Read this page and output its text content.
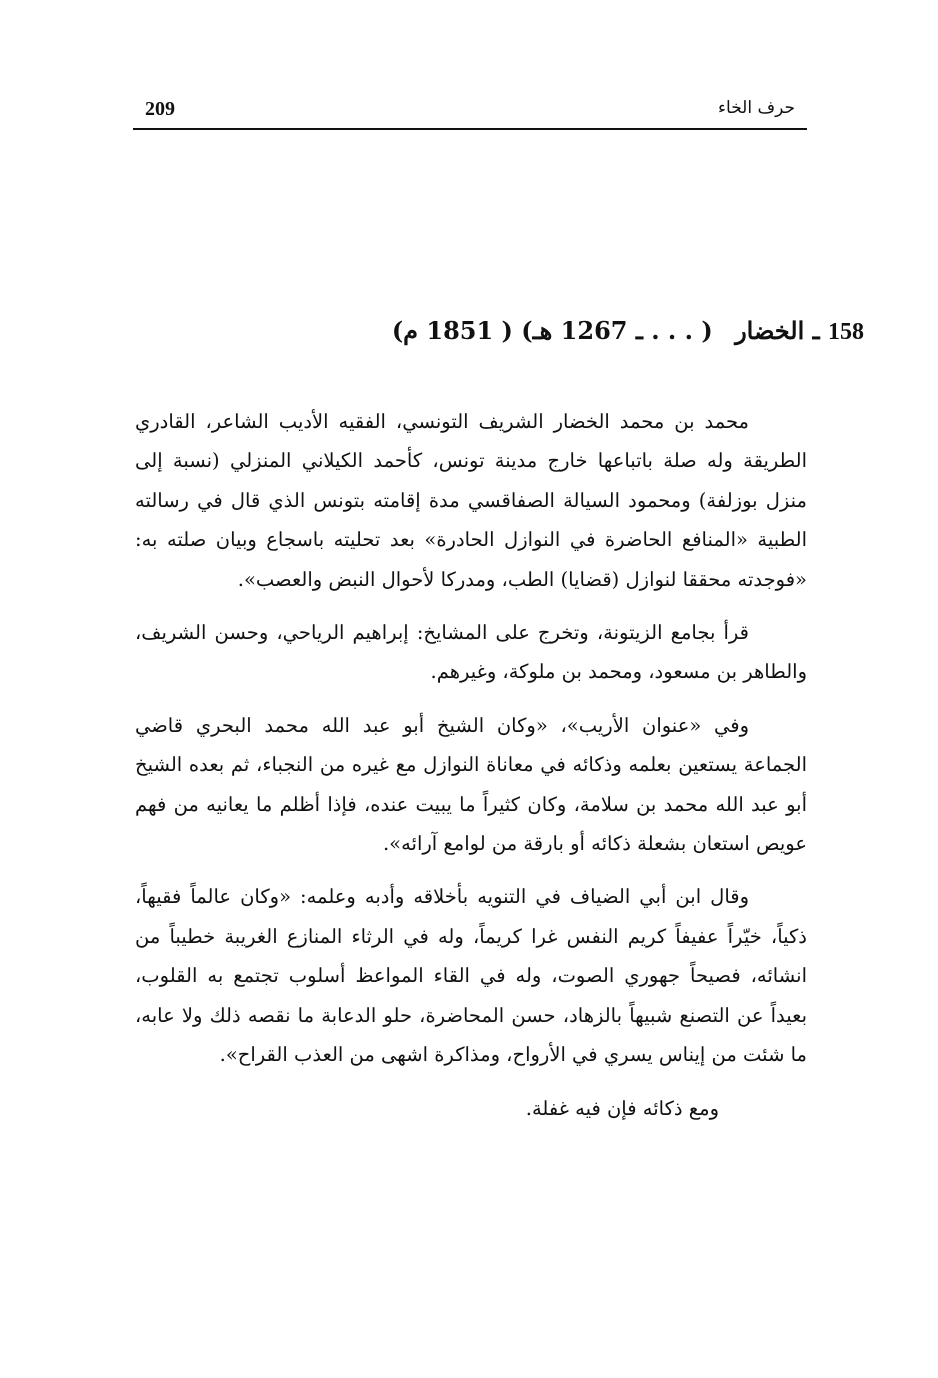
209	حرف الخاء
158 ـ الخضار ( . . . ـ 1267 هـ) ( 1851 م)

محمد بن محمد الخضار الشريف التونسي، الفقيه الأديب الشاعر، القادري الطريقة وله صلة باتباعها خارج مدينة تونس، كأحمد الكيلاني المنزلي (نسبة إلى منزل بوزلفة) ومحمود السيالة الصفاقسي مدة إقامته بتونس الذي قال في رسالته الطبية «المنافع الحاضرة في النوازل الحادرة» بعد تحليته باسجاع وبيان صلته به: «فوجدته محققا لنوازل (قضايا) الطب، ومدركا لأحوال النبض والعصب».

قرأ بجامع الزيتونة، وتخرج على المشايخ: إبراهيم الرياحي، وحسن الشريف، والطاهر بن مسعود، ومحمد بن ملوكة، وغيرهم.

وفي «عنوان الأريب»، «وكان الشيخ أبو عبد الله محمد البحري قاضي الجماعة يستعين بعلمه وذكائه في معاناة النوازل مع غيره من النجباء، ثم بعده الشيخ أبو عبد الله محمد بن سلامة، وكان كثيراً ما يبيت عنده، فإذا أظلم ما يعانيه من فهم عويص استعان بشعلة ذكائه أو بارقة من لوامع آرائه».

وقال ابن أبي الضياف في التنويه بأخلاقه وأدبه وعلمه: «وكان عالماً فقيهاً، ذكياً، خيّراً عفيفاً كريم النفس غرا كريماً، وله في الرثاء المنازع الغريبة خطيباً من انشائه، فصيحاً جهوري الصوت، وله في القاء المواعظ أسلوب تجتمع به القلوب، بعيداً عن التصنع شبيهاً بالزهاد، حسن المحاضرة، حلو الدعابة ما نقصه ذلك ولا عابه، ما شئت من إيناس يسري في الأرواح، ومذاكرة اشهى من العذب القراح».

ومع ذكائه فإن فيه غفلة.
